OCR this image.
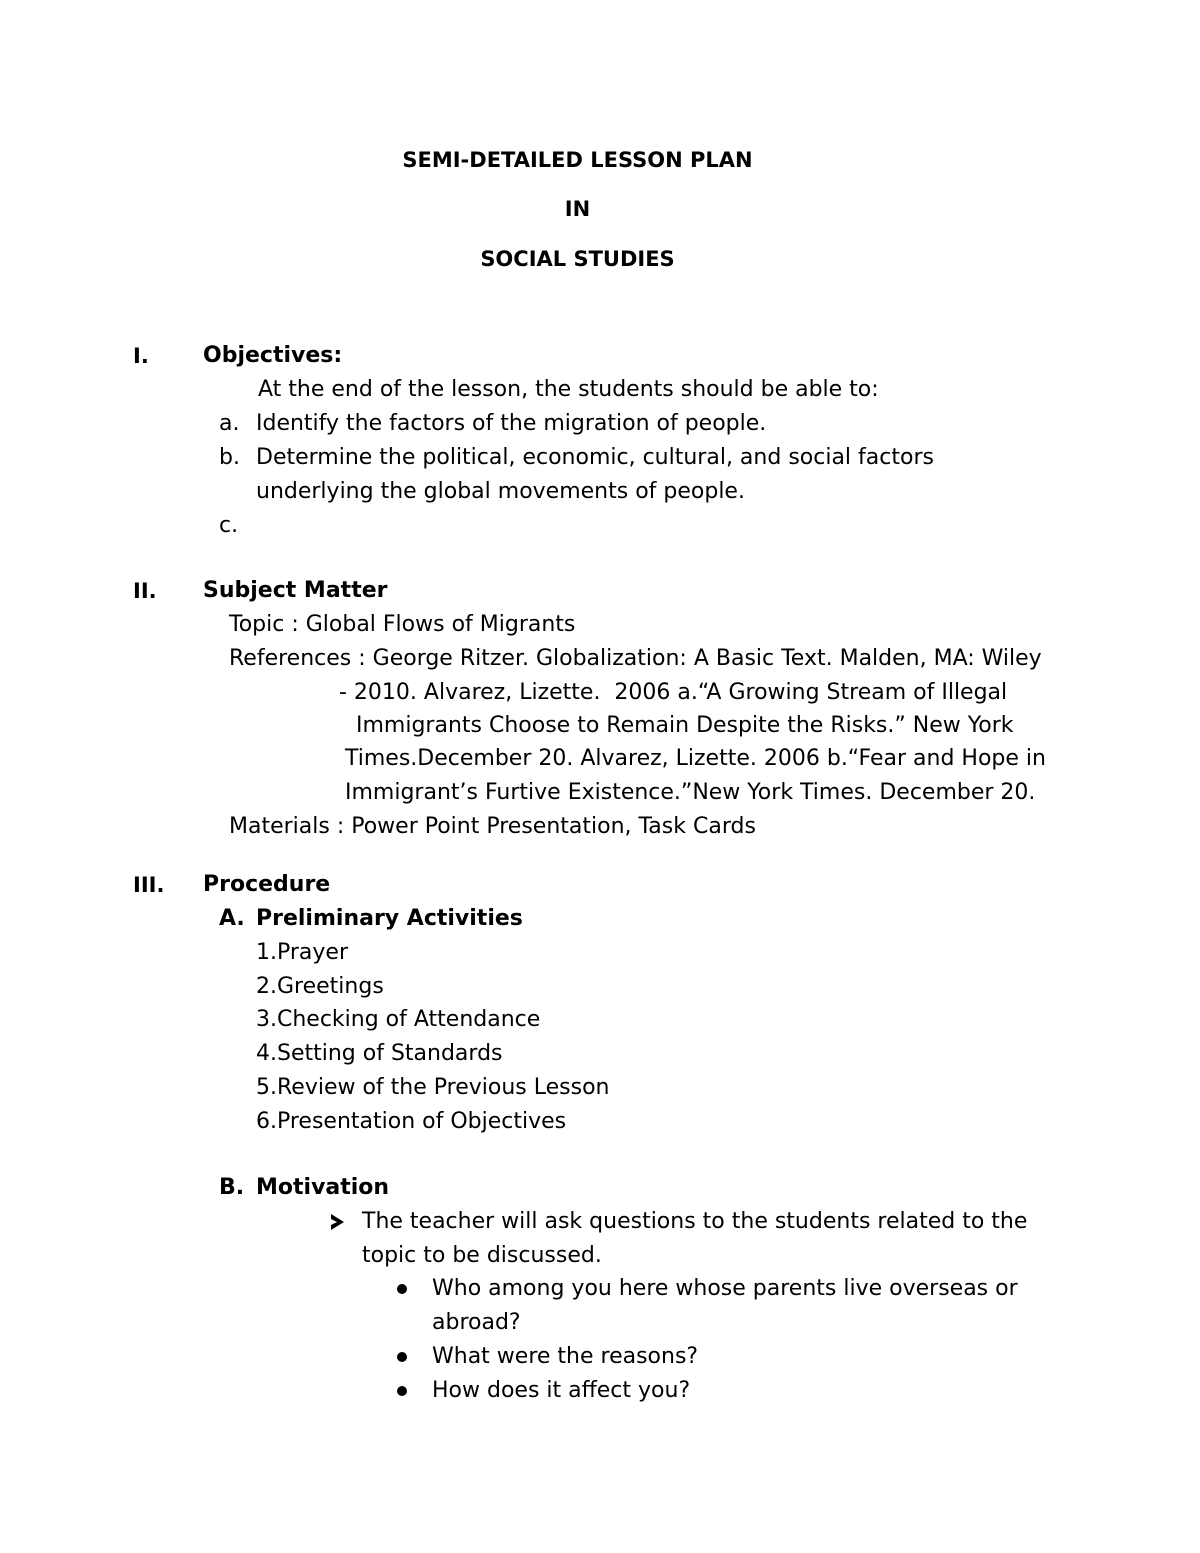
SEMI-DETAILED LESSON PLAN
IN
SOCIAL STUDIES
I. Objectives:
At the end of the lesson, the students should be able to:
a. Identify the factors of the migration of people.
b. Determine the political, economic, cultural, and social factors
underlying the global movements of people.
c.
II. Subject Matter
Topic : Global Flows of Migrants
References : George Ritzer. Globalization: A Basic Text. Malden, MA: Wiley
- 2010. Alvarez, Lizette.  2006 a.“A Growing Stream of Illegal
Immigrants Choose to Remain Despite the Risks.” New York
Times.December 20. Alvarez, Lizette. 2006 b.“Fear and Hope in
Immigrant’s Furtive Existence.”New York Times. December 20.
Materials : Power Point Presentation, Task Cards
III. Procedure
A. Preliminary Activities
1.Prayer
2.Greetings
3.Checking of Attendance
4.Setting of Standards
5.Review of the Previous Lesson
6.Presentation of Objectives
B. Motivation
The teacher will ask questions to the students related to the
topic to be discussed.
Who among you here whose parents live overseas or
abroad?
What were the reasons?
How does it affect you?
